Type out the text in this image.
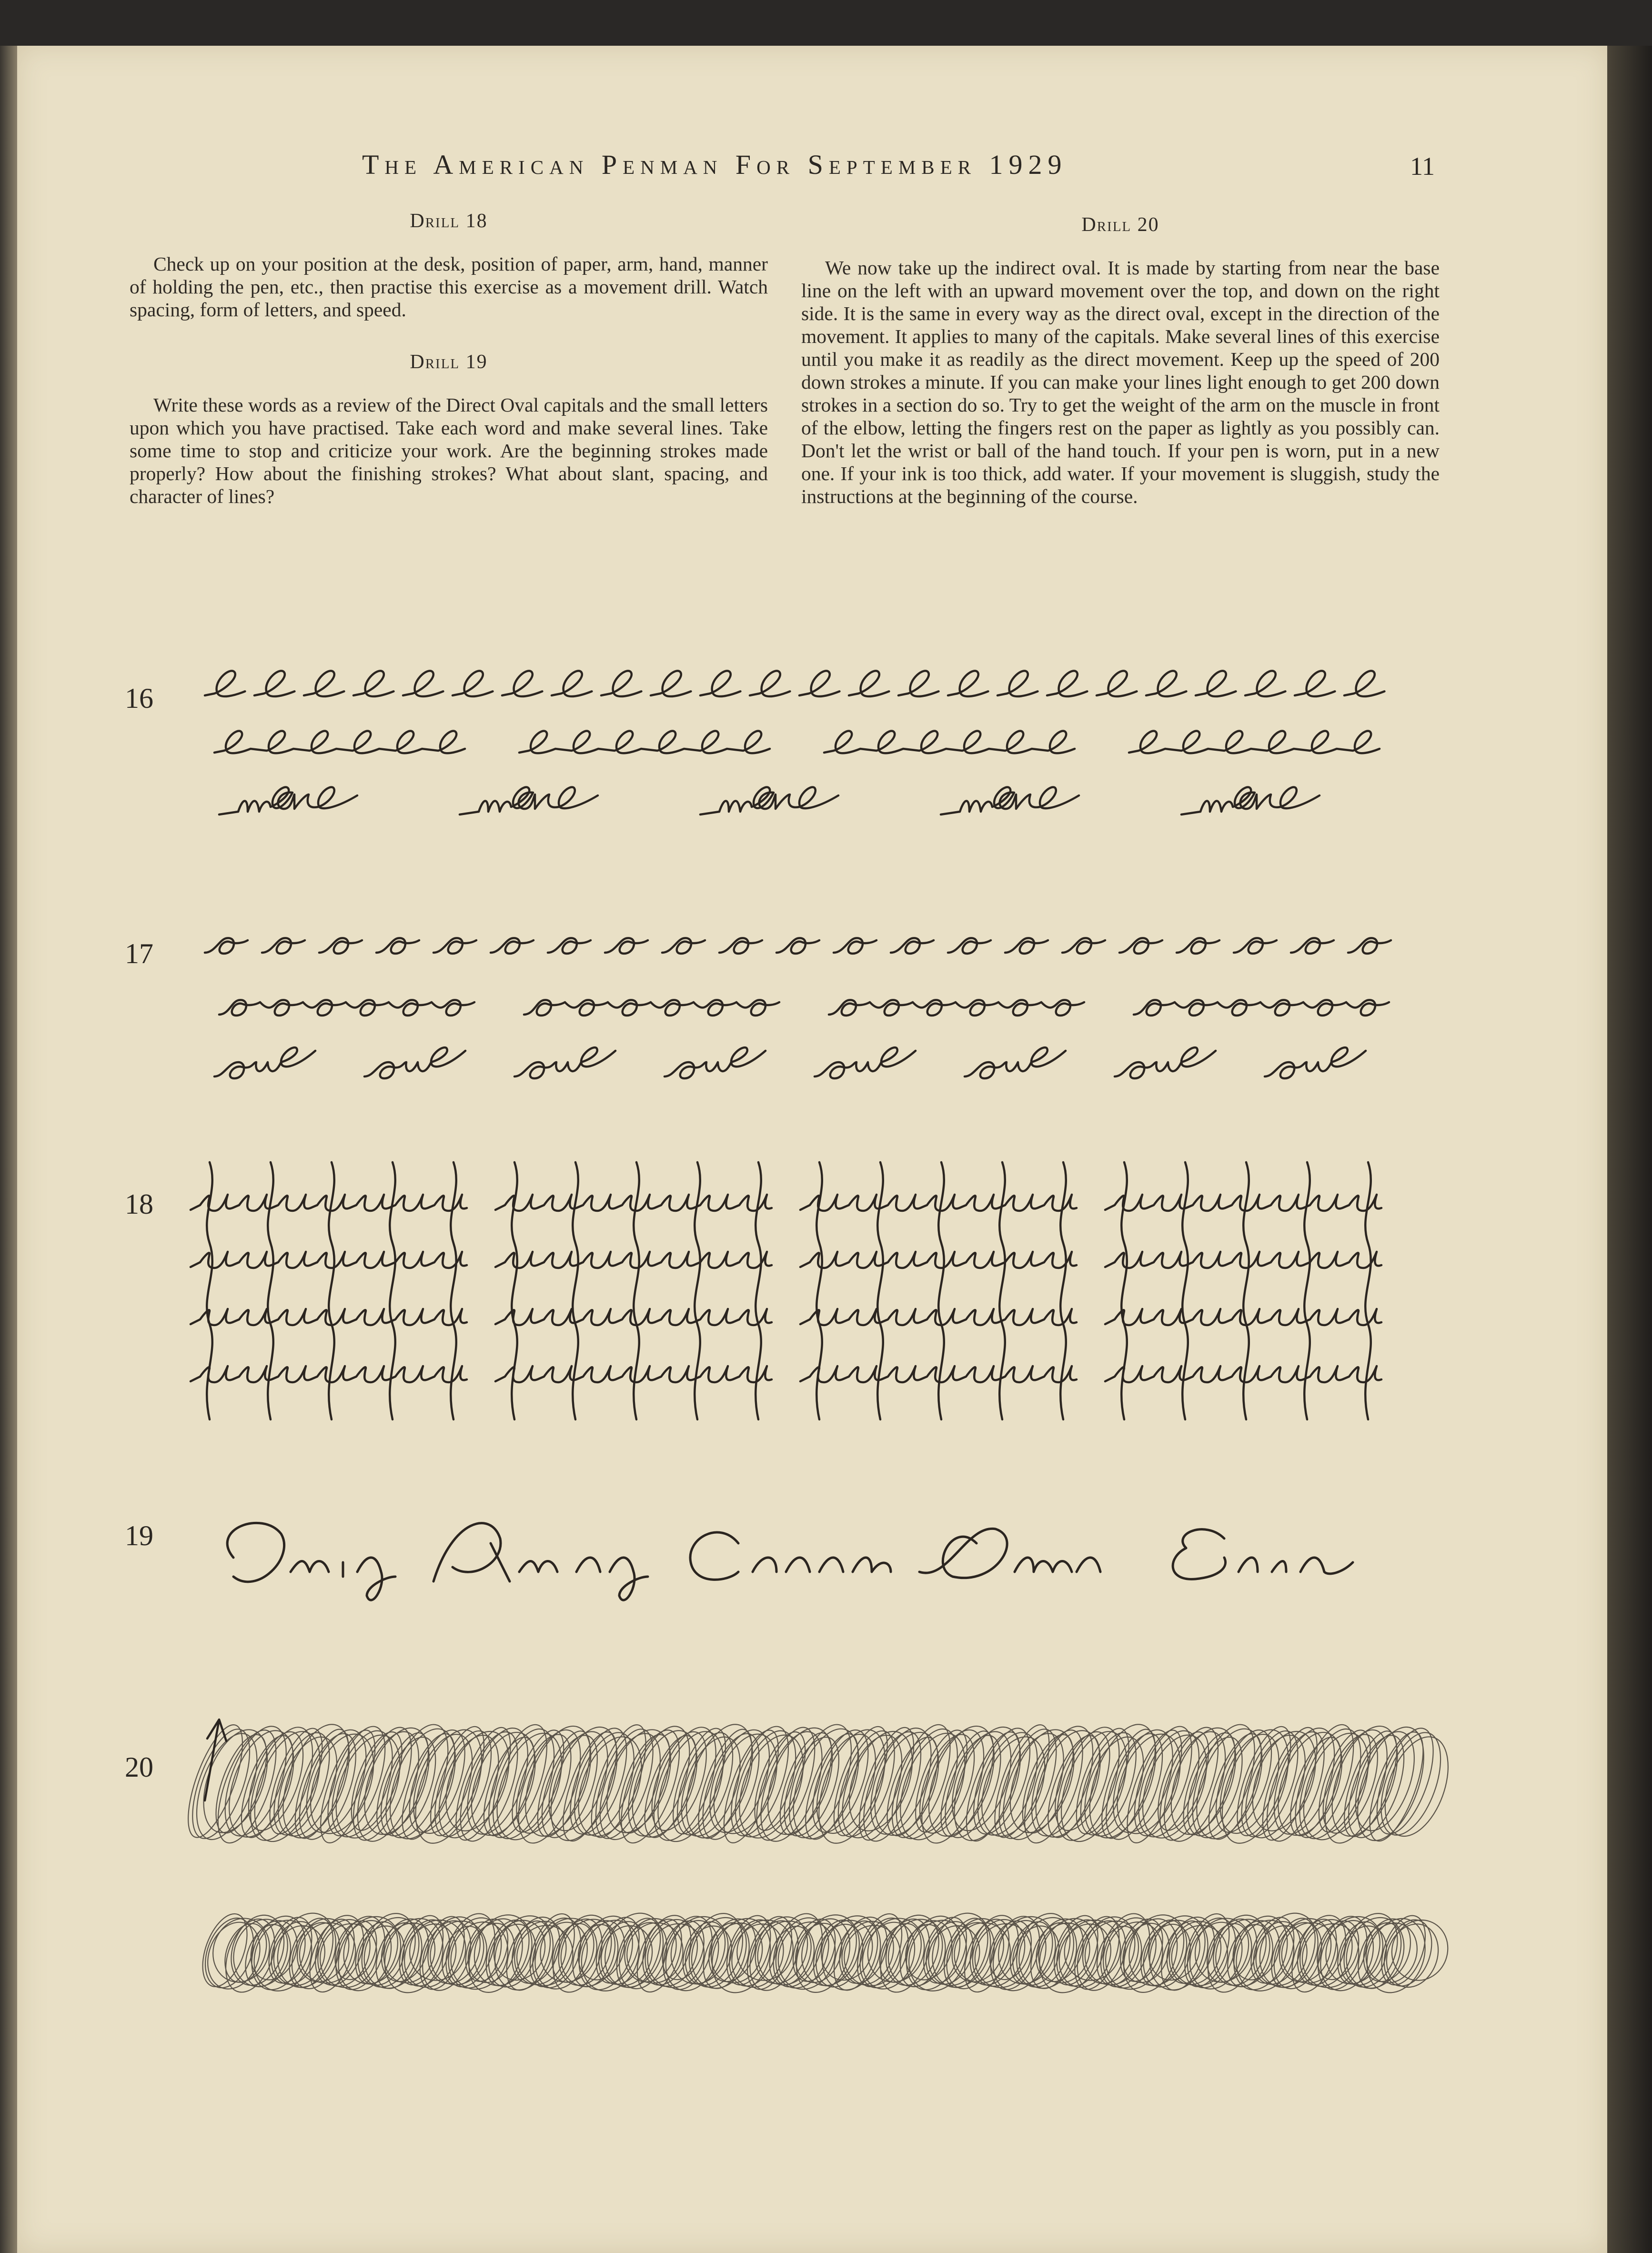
The American Penman For September 1929	11
Drill 18

Check up on your position at the desk, position of paper, arm, hand, manner of holding the pen, etc., then practise this exercise as a movement drill. Watch spacing, form of letters, and speed.

Drill 19

Write these words as a review of the Direct Oval capitals and the small letters upon which you have practised. Take each word and make several lines. Take some time to stop and criticize your work. Are the beginning strokes made properly? How about the finishing strokes? What about slant, spacing, and character of lines?

Drill 20

We now take up the indirect oval. It is made by starting from near the base line on the left with an upward movement over the top, and down on the right side. It is the same in every way as the direct oval, except in the direction of the movement. It applies to many of the capitals. Make several lines of this exercise until you make it as readily as the direct movement. Keep up the speed of 200 down strokes a minute. If you can make your lines light enough to get 200 down strokes in a section do so. Try to get the weight of the arm on the muscle in front of the elbow, letting the fingers rest on the paper as lightly as you possibly can. Don't let the wrist or ball of the hand touch. If your pen is worn, put in a new one. If your ink is too thick, add water. If your movement is sluggish, study the instructions at the beginning of the course.

16
17
18
19
20
